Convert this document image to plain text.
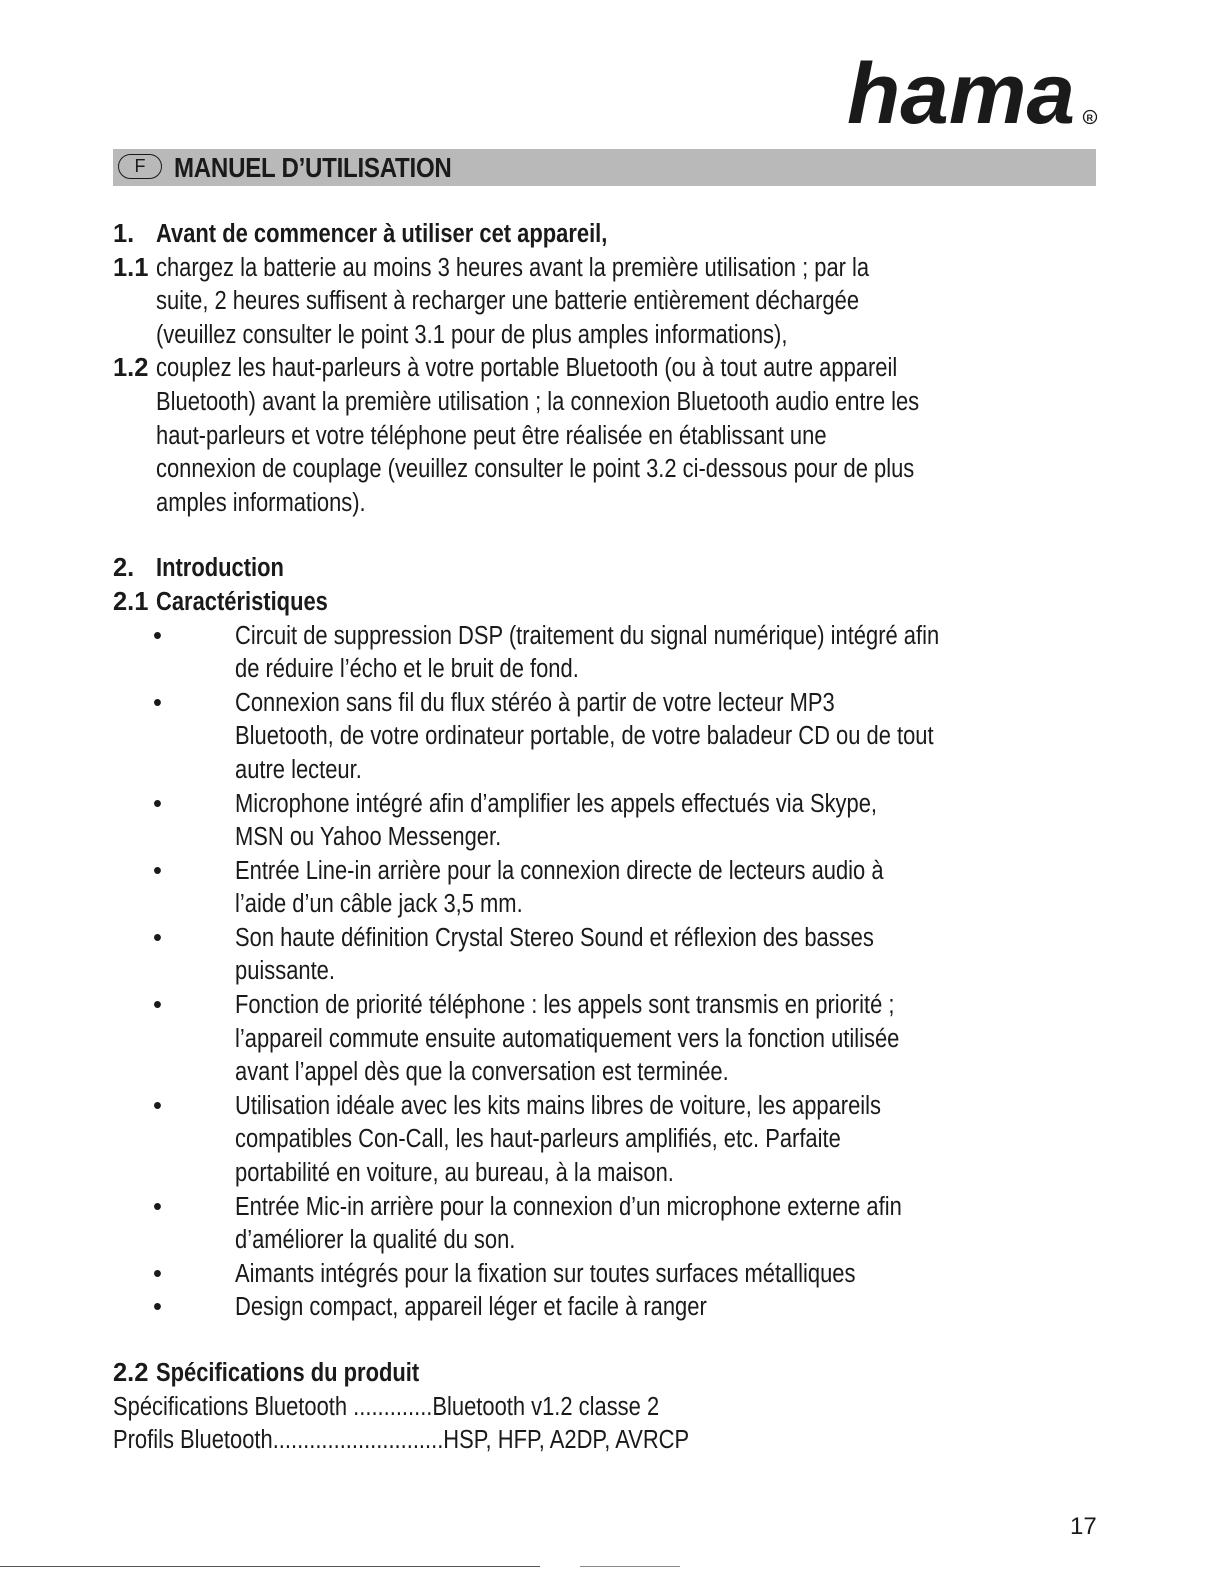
hama R
F	MANUEL D’UTILISATION
1. Avant de commencer à utiliser cet appareil,
1.1 chargez la batterie au moins 3 heures avant la première utilisation ; par la
suite, 2 heures suffisent à recharger une batterie entièrement déchargée
(veuillez consulter le point 3.1 pour de plus amples informations),
1.2 couplez les haut-parleurs à votre portable Bluetooth (ou à tout autre appareil
Bluetooth) avant la première utilisation ; la connexion Bluetooth audio entre les
haut-parleurs et votre téléphone peut être réalisée en établissant une
connexion de couplage (veuillez consulter le point 3.2 ci-dessous pour de plus
amples informations).
2. Introduction
2.1 Caractéristiques
•	Circuit de suppression DSP (traitement du signal numérique) intégré afin
de réduire l’écho et le bruit de fond.
•	Connexion sans fil du flux stéréo à partir de votre lecteur MP3
Bluetooth, de votre ordinateur portable, de votre baladeur CD ou de tout
autre lecteur.
•	Microphone intégré afin d’amplifier les appels effectués via Skype,
MSN ou Yahoo Messenger.
•	Entrée Line-in arrière pour la connexion directe de lecteurs audio à
l’aide d’un câble jack 3,5 mm.
•	Son haute définition Crystal Stereo Sound et réflexion des basses
puissante.
•	Fonction de priorité téléphone : les appels sont transmis en priorité ;
l’appareil commute ensuite automatiquement vers la fonction utilisée
avant l’appel dès que la conversation est terminée.
•	Utilisation idéale avec les kits mains libres de voiture, les appareils
compatibles Con-Call, les haut-parleurs amplifiés, etc. Parfaite
portabilité en voiture, au bureau, à la maison.
•	Entrée Mic-in arrière pour la connexion d’un microphone externe afin
d’améliorer la qualité du son.
•	Aimants intégrés pour la fixation sur toutes surfaces métalliques
•	Design compact, appareil léger et facile à ranger
2.2 Spécifications du produit
Spécifications Bluetooth .............Bluetooth v1.2 classe 2
Profils Bluetooth............................HSP, HFP, A2DP, AVRCP
17
